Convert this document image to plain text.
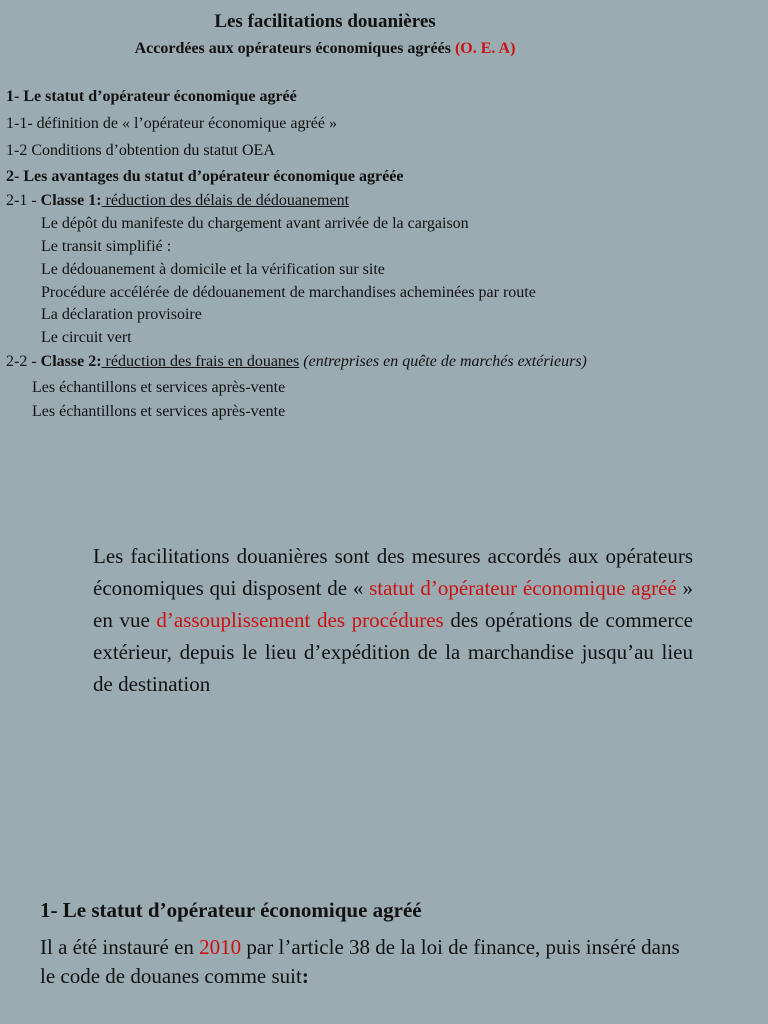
Les facilitations douanières
Accordées aux opérateurs économiques agréés (O. E. A)
1- Le statut d’opérateur économique agréé
1-1- définition de « l’opérateur économique agréé »
1-2 Conditions d’obtention du statut OEA
2- Les avantages du statut d’opérateur économique agréée
2-1 - Classe 1: réduction des délais de dédouanement
Le dépôt du manifeste du chargement avant arrivée de la cargaison
Le transit simplifié :
Le dédouanement à domicile et la vérification sur site
Procédure accélérée de dédouanement de marchandises acheminées par route
La déclaration provisoire
Le circuit vert
2-2 - Classe 2: réduction des frais en douanes (entreprises en quête de marchés extérieurs)
Les échantillons et services après-vente
Les échantillons et services après-vente
Les facilitations douanières sont des mesures accordés aux opérateurs économiques qui disposent de « statut d’opérateur économique agréé » en vue d’assouplissement des procédures des opérations de commerce extérieur, depuis le lieu d’expédition de la marchandise jusqu’au lieu de destination
1- Le statut d’opérateur économique agréé
Il a été instauré en 2010 par l’article 38 de la loi de finance, puis inséré dans le code de douanes comme suit:
